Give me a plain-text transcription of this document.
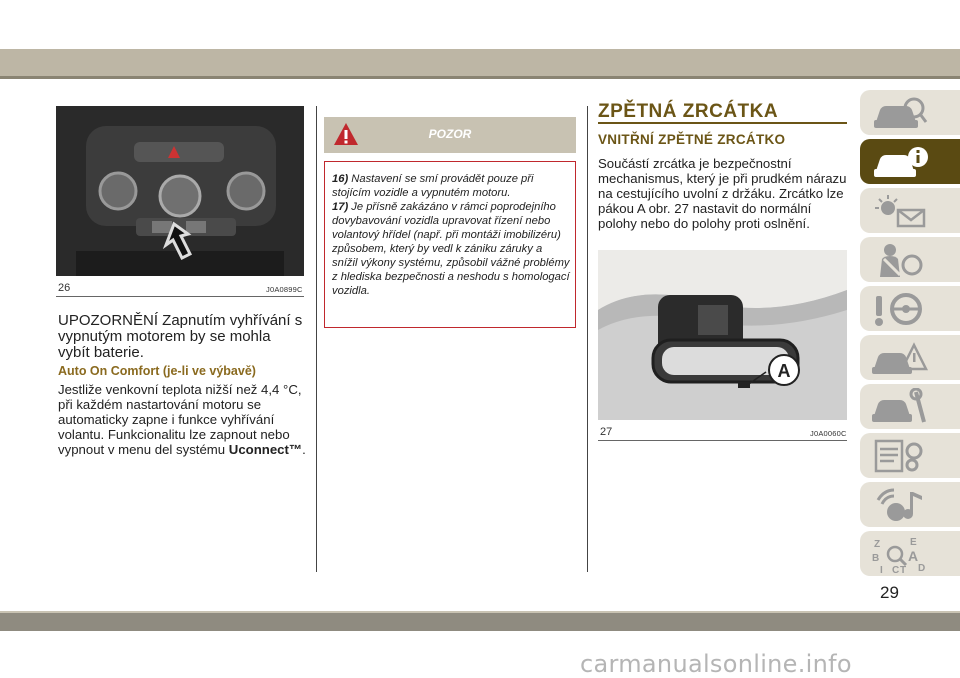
26	J0A0899C
UPOZORNĚNÍ Zapnutím vyhřívání s vypnutým motorem by se mohla vybít baterie.
Auto On Comfort (je-li ve výbavě)
Jestliže venkovní teplota nižší než 4,4 °C, při každém nastartování motoru se automaticky zapne i funkce vyhřívání volantu. Funkcionalitu lze zapnout nebo vypnout v menu del systému Uconnect™.
POZOR
16) Nastavení se smí provádět pouze při stojícím vozidle a vypnutém motoru.
17) Je přísně zakázáno v rámci poprodejního dovybavování vozidla upravovat řízení nebo volantový hřídel (např. při montáži imobilizéru) způsobem, který by vedl k zániku záruky a snížil výkony systému, způsobil vážné problémy z hlediska bezpečnosti a neshodu s homologací vozidla.
ZPĚTNÁ ZRCÁTKA
VNITŘNÍ ZPĚTNÉ ZRCÁTKO
Součástí zrcátka je bezpečnostní mechanismus, který je při prudkém nárazu na cestujícího uvolní z držáku. Zrcátko lze pákou A obr. 27 nastavit do normální polohy nebo do polohy proti oslnění.
A
27	J0A0060C
Z	E
B A
I C T D
29
carmanualsonline.info
